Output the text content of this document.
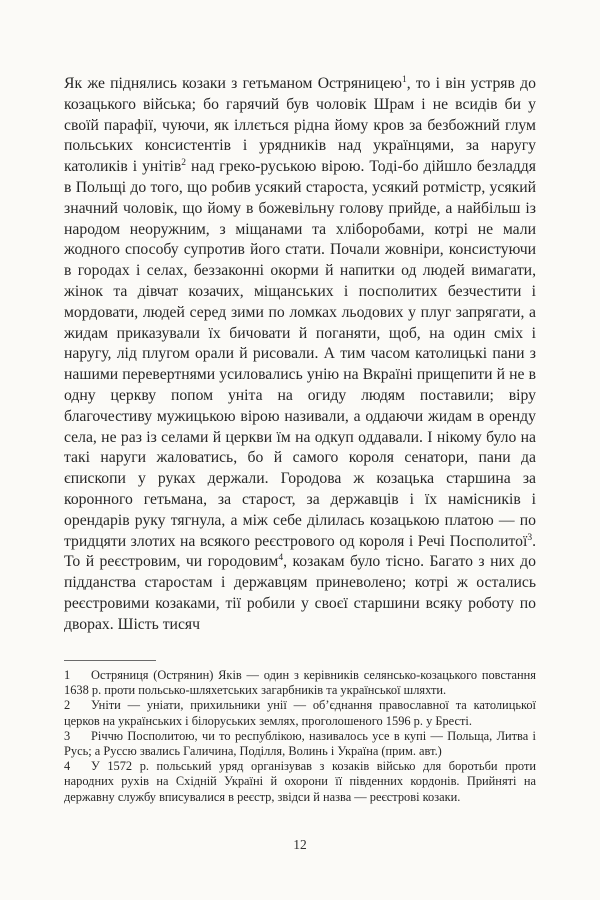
Як же піднялись козаки з гетьманом Остряницею$^1$, то і він устряв до козацького війська; бо гарячий був чоловік Шрам і не всидів би у своїй парафії, чуючи, як іллється рідна йому кров за безбожний глум польських консистентів і урядників над українцями, за наругу католиків і унітів$^2$ над греко-руською вірою. Тоді-бо дійшло безладдя в Польщі до того, що робив усякий староста, усякий ротмістр, усякий значний чоловік, що йому в божевільну голову прийде, а найбільш із народом неоружним, з міщанами та хліборобами, котрі не мали жодного способу супротив його стати. Почали жовніри, консистуючи в городах і селах, беззаконні окорми й напитки од людей вимагати, жінок та дівчат козачих, міщанських і посполитих безчестити і мордовати, людей серед зими по ломках льодових у плуг запрягати, а жидам приказували їх бичовати й поганяти, щоб, на один сміх і наругу, лід плугом орали й рисовали. А тим часом католицькі пани з нашими перевертнями усиловались унію на Вкраїні прищепити й не в одну церкву попом уніта на огиду людям поставили; віру благочестиву мужицькою вірою називали, а оддаючи жидам в оренду села, не раз із селами й церкви їм на одкуп оддавали. І нікому було на такі наруги жаловатись, бо й самого короля сенатори, пани да єпископи у руках держали. Городова ж козацька старшина за коронного гетьмана, за старост, за державців і їх намісників і орендарів руку тягнула, а між себе ділилась козацькою платою — по тридцяти злотих на всякого реєстрового од короля і Речі Посполитої$^3$. То й реєстровим, чи городовим$^4$, козакам було тісно. Багато з них до підданства старостам і державцям приневолено; котрі ж остались реєстровими козаками, тії робили у своєї старшини всяку роботу по дворах. Шість тисяч

1 Остряниця (Острянин) Яків — один з керівників селянсько-козацького повстання 1638 р. проти польсько-шляхетських загарбників та української шляхти.

2 Уніти — уніати, прихильники унії — об’єднання православної та католицької церков на українських і білоруських землях, проголошеного 1596 р. у Бресті.

3 Річчю Посполитою, чи то республікою, називалось усе в купі — Польща, Литва і Русь; а Руссю звались Галичина, Поділля, Волинь і Україна (прим. авт.)

4 У 1572 р. польський уряд організував з козаків військо для боротьби проти народних рухів на Східній Україні й охорони її південних кордонів. Прийняті на державну службу вписувалися в реєстр, звідси й назва — реєстрові козаки.

12
